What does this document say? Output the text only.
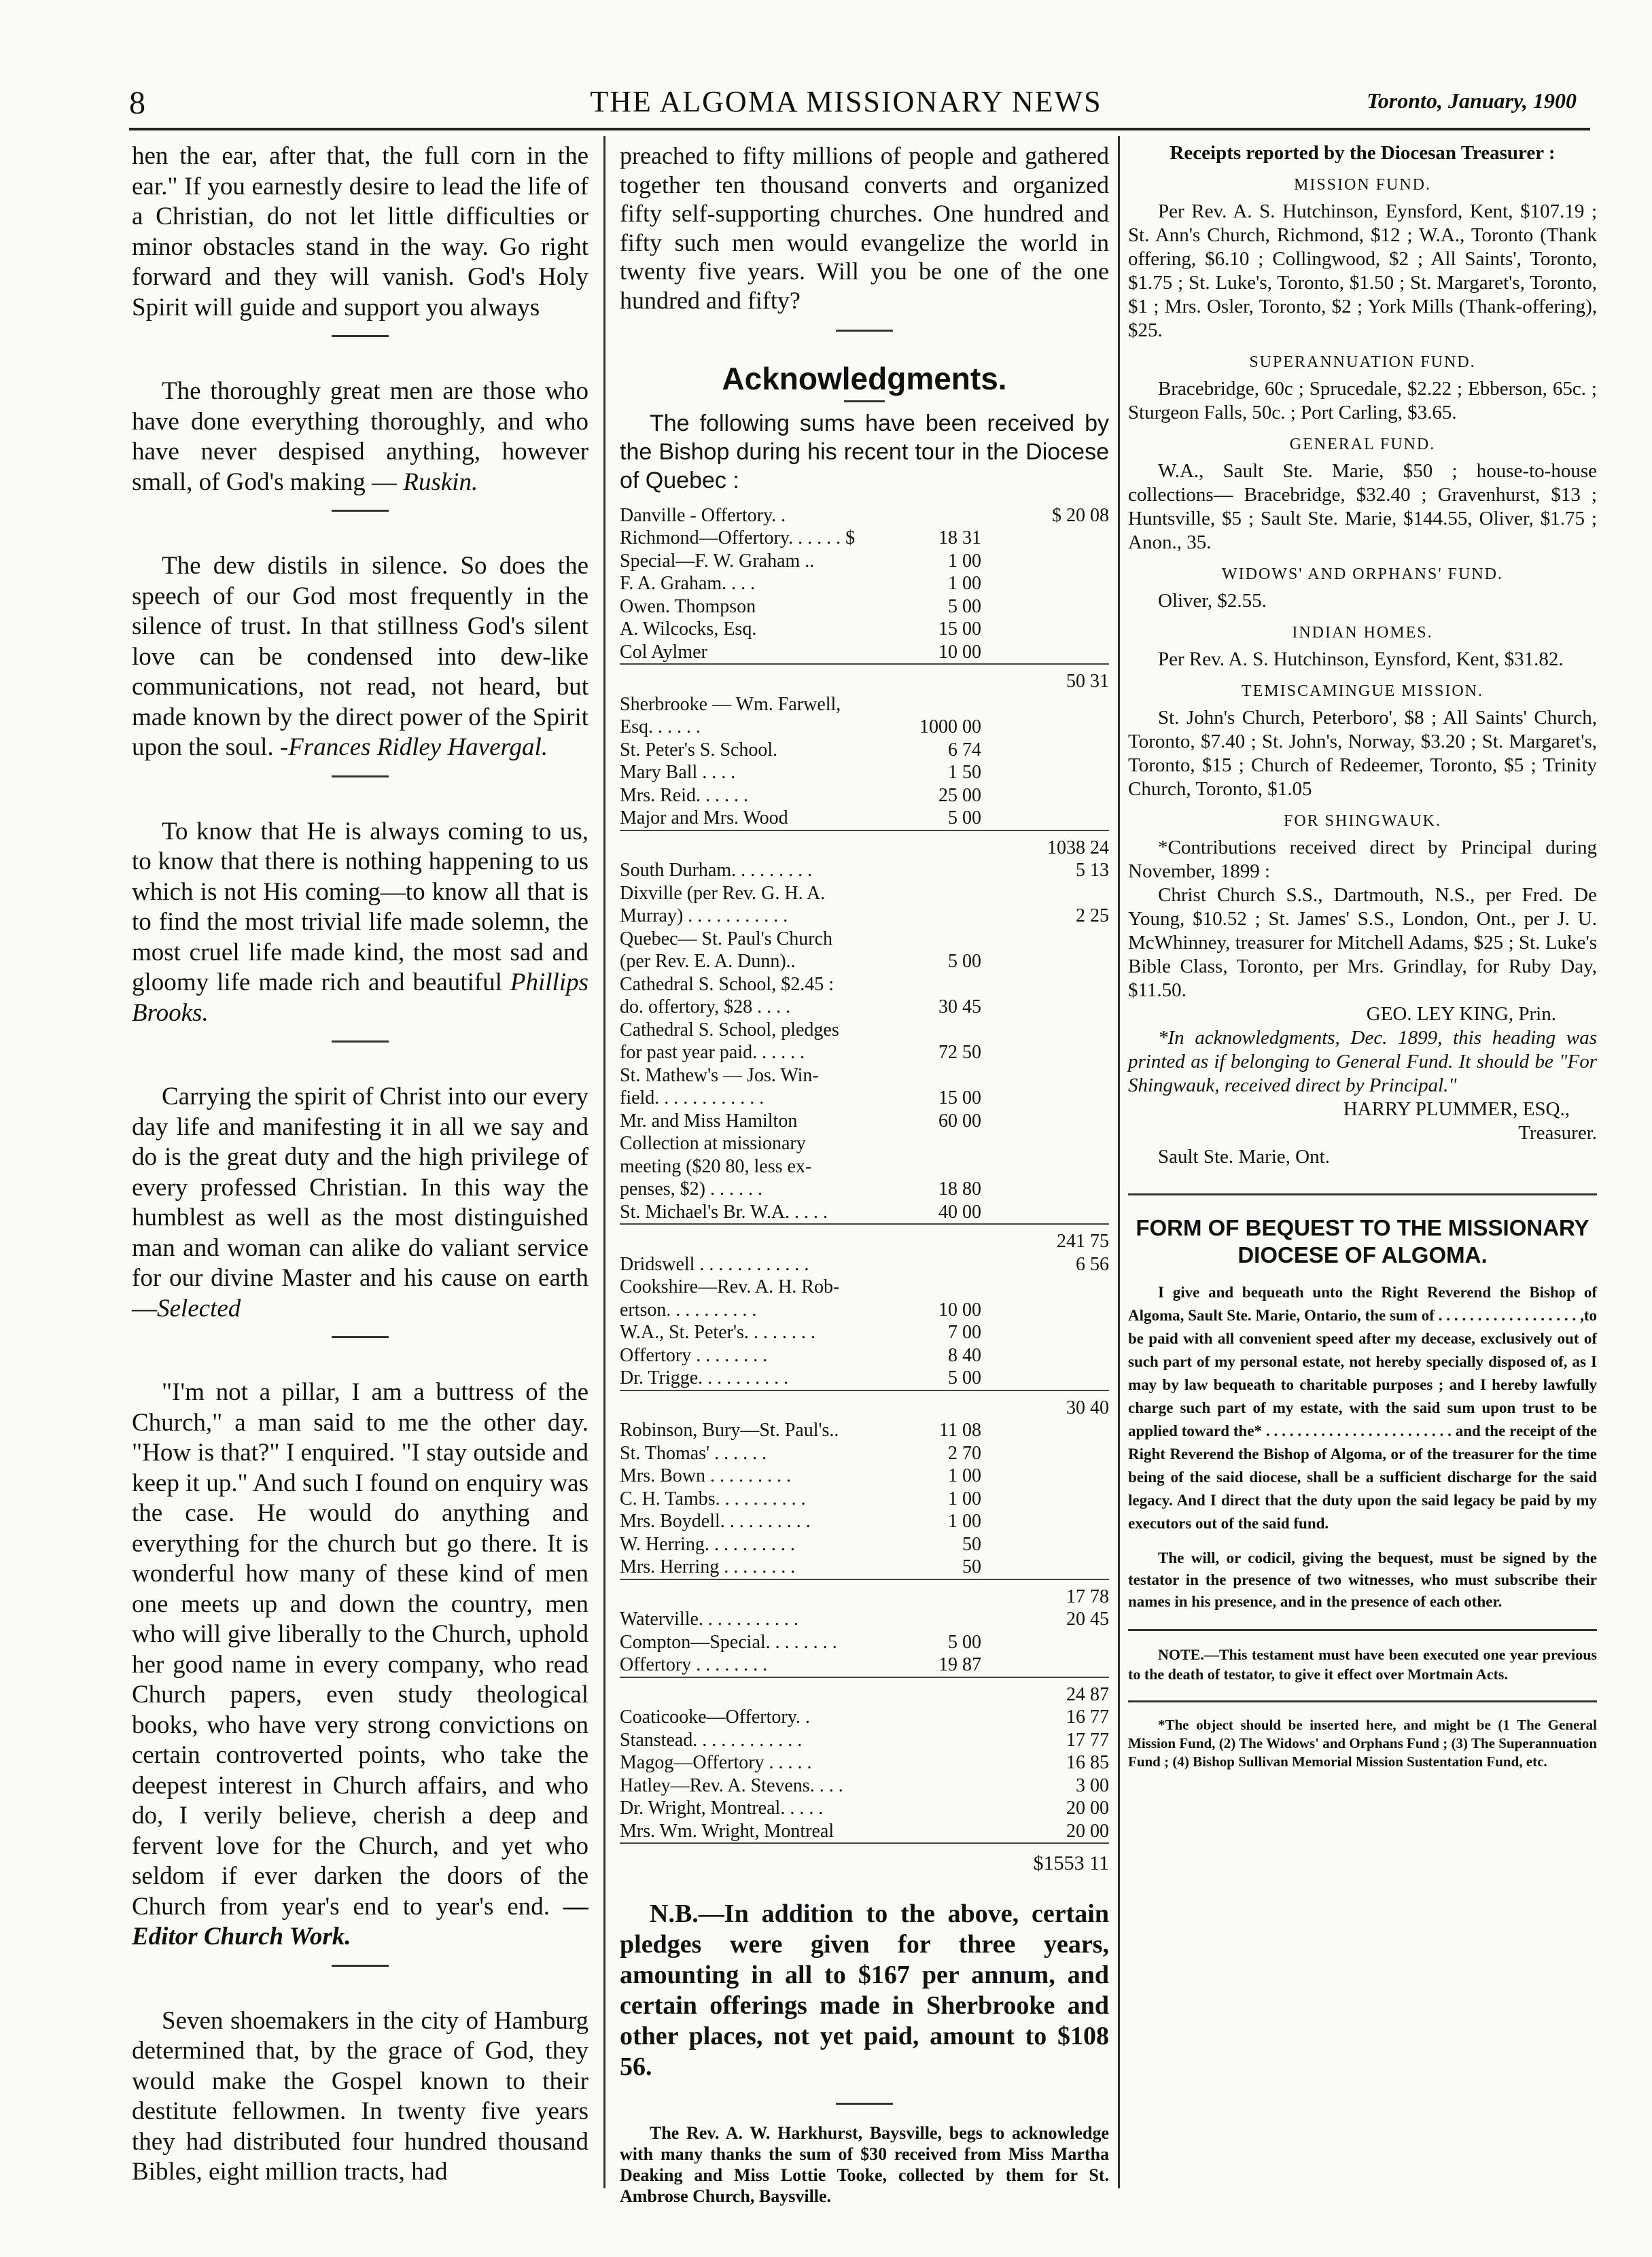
8	THE ALGOMA MISSIONARY NEWS	Toronto, January, 1900

hen the ear, after that, the full corn in the ear." If you earnestly desire to lead the life of a Christian, do not let little difficulties or minor obstacles stand in the way. Go right forward and they will vanish. God's Holy Spirit will guide and support you always

The thoroughly great men are those who have done everything thoroughly, and who have never despised anything, however small, of God's making — Ruskin.

The dew distils in silence. So does the speech of our God most frequently in the silence of trust. In that stillness God's silent love can be condensed into dew-like communications, not read, not heard, but made known by the direct power of the Spirit upon the soul. -Frances Ridley Havergal.

To know that He is always coming to us, to know that there is nothing happening to us which is not His coming—to know all that is to find the most trivial life made solemn, the most cruel life made kind, the most sad and gloomy life made rich and beautiful Phillips Brooks.

Carrying the spirit of Christ into our every day life and manifesting it in all we say and do is the great duty and the high privilege of every professed Christian. In this way the humblest as well as the most distinguished man and woman can alike do valiant service for our divine Master and his cause on earth —Selected

"I'm not a pillar, I am a buttress of the Church," a man said to me the other day. "How is that?" I enquired. "I stay outside and keep it up." And such I found on enquiry was the case. He would do anything and everything for the church but go there. It is wonderful how many of these kind of men one meets up and down the country, men who will give liberally to the Church, uphold her good name in every company, who read Church papers, even study theological books, who have very strong convictions on certain controverted points, who take the deepest interest in Church affairs, and who do, I verily believe, cherish a deep and fervent love for the Church, and yet who seldom if ever darken the doors of the Church from year's end to year's end. —Editor Church Work.

Seven shoemakers in the city of Hamburg determined that, by the grace of God, they would make the Gospel known to their destitute fellowmen. In twenty five years they had distributed four hundred thousand Bibles, eight million tracts, had

preached to fifty millions of people and gathered together ten thousand converts and organized fifty self-supporting churches. One hundred and fifty such men would evangelize the world in twenty five years. Will you be one of the one hundred and fifty?

Acknowledgments.

The following sums have been received by the Bishop during his recent tour in the Diocese of Quebec :

Danville - Offertory. .	$ 20 08
Richmond—Offertory. . . . . . $	18 31
Special—F. W. Graham ..	1 00
F. A. Graham. . . .	1 00
Owen. Thompson	5 00
A. Wilcocks, Esq.	15 00
Col Aylmer	10 00
50 31
Sherbrooke — Wm. Farwell,
Esq. . . . . .	1000 00
St. Peter's S. School.	6 74
Mary Ball . . . .	1 50
Mrs. Reid. . . . . .	25 00
Major and Mrs. Wood	5 00
1038 24
South Durham. . . . . . . . .	5 13
Dixville (per Rev. G. H. A.
Murray) . . . . . . . . . . .	2 25
Quebec— St. Paul's Church
(per Rev. E. A. Dunn)..	5 00
Cathedral S. School, $2.45 :
do. offertory, $28 . . . .	30 45
Cathedral S. School, pledges
for past year paid. . . . . .	72 50
St. Mathew's — Jos. Win-
field. . . . . . . . . . . .	15 00
Mr. and Miss Hamilton	60 00
Collection at missionary
meeting ($20 80, less ex-
penses, $2) . . . . . .	18 80
St. Michael's Br. W.A. . . . .	40 00
241 75
Dridswell . . . . . . . . . . . .	6 56
Cookshire—Rev. A. H. Rob-
ertson. . . . . . . . . .	10 00
W.A., St. Peter's. . . . . . . .	7 00
Offertory . . . . . . . .	8 40
Dr. Trigge. . . . . . . . . .	5 00
30 40
Robinson, Bury—St. Paul's..	11 08
St. Thomas' . . . . . .	2 70
Mrs. Bown . . . . . . . . .	1 00
C. H. Tambs. . . . . . . . . .	1 00
Mrs. Boydell. . . . . . . . . .	1 00
W. Herring. . . . . . . . . .	50
Mrs. Herring . . . . . . . .	50
17 78
Waterville. . . . . . . . . . .	20 45
Compton—Special. . . . . . . .	5 00
Offertory . . . . . . . .	19 87
24 87
Coaticooke—Offertory. .	16 77
Stanstead. . . . . . . . . . . .	17 77
Magog—Offertory . . . . .	16 85
Hatley—Rev. A. Stevens. . . .	3 00
Dr. Wright, Montreal. . . . .	20 00
Mrs. Wm. Wright, Montreal	20 00
$1553 11

N.B.—In addition to the above, certain pledges were given for three years, amounting in all to $167 per annum, and certain offerings made in Sherbrooke and other places, not yet paid, amount to $108 56.

The Rev. A. W. Harkhurst, Baysville, begs to acknowledge with many thanks the sum of $30 received from Miss Martha Deaking and Miss Lottie Tooke, collected by them for St. Ambrose Church, Baysville.

Receipts reported by the Diocesan Treasurer :

MISSION FUND.

Per Rev. A. S. Hutchinson, Eynsford, Kent, $107.19 ; St. Ann's Church, Richmond, $12 ; W.A., Toronto (Thank offering, $6.10 ; Collingwood, $2 ; All Saints', Toronto, $1.75 ; St. Luke's, Toronto, $1.50 ; St. Margaret's, Toronto, $1 ; Mrs. Osler, Toronto, $2 ; York Mills (Thank-offering), $25.

SUPERANNUATION FUND.

Bracebridge, 60c ; Sprucedale, $2.22 ; Ebberson, 65c. ; Sturgeon Falls, 50c. ; Port Carling, $3.65.

GENERAL FUND.

W.A., Sault Ste. Marie, $50 ; house-to-house collections— Bracebridge, $32.40 ; Gravenhurst, $13 ; Huntsville, $5 ; Sault Ste. Marie, $144.55, Oliver, $1.75 ; Anon., 35.

WIDOWS' AND ORPHANS' FUND.

Oliver, $2.55.

INDIAN HOMES.

Per Rev. A. S. Hutchinson, Eynsford, Kent, $31.82.

TEMISCAMINGUE MISSION.

St. John's Church, Peterboro', $8 ; All Saints' Church, Toronto, $7.40 ; St. John's, Norway, $3.20 ; St. Margaret's, Toronto, $15 ; Church of Redeemer, Toronto, $5 ; Trinity Church, Toronto, $1.05

FOR SHINGWAUK.

*Contributions received direct by Principal during November, 1899 :

Christ Church S.S., Dartmouth, N.S., per Fred. De Young, $10.52 ; St. James' S.S., London, Ont., per J. U. McWhinney, treasurer for Mitchell Adams, $25 ; St. Luke's Bible Class, Toronto, per Mrs. Grindlay, for Ruby Day, $11.50.

GEO. LEY KING, Prin.

*In acknowledgments, Dec. 1899, this heading was printed as if belonging to General Fund. It should be "For Shingwauk, received direct by Principal."

HARRY PLUMMER, ESQ.,

Treasurer.

Sault Ste. Marie, Ont.

FORM OF BEQUEST TO THE MISSIONARY DIOCESE OF ALGOMA.

I give and bequeath unto the Right Reverend the Bishop of Algoma, Sault Ste. Marie, Ontario, the sum of . . . . . . . . . . . . . . . . . . ,to be paid with all convenient speed after my decease, exclusively out of such part of my personal estate, not hereby specially disposed of, as I may by law bequeath to charitable purposes ; and I hereby lawfully charge such part of my estate, with the said sum upon trust to be applied toward the* . . . . . . . . . . . . . . . . . . . . . . . . and the receipt of the Right Reverend the Bishop of Algoma, or of the treasurer for the time being of the said diocese, shall be a sufficient discharge for the said legacy. And I direct that the duty upon the said legacy be paid by my executors out of the said fund.

The will, or codicil, giving the bequest, must be signed by the testator in the presence of two witnesses, who must subscribe their names in his presence, and in the presence of each other.

NOTE.—This testament must have been executed one year previous to the death of testator, to give it effect over Mortmain Acts.

*The object should be inserted here, and might be (1 The General Mission Fund, (2) The Widows' and Orphans Fund ; (3) The Superannuation Fund ; (4) Bishop Sullivan Memorial Mission Sustentation Fund, etc.
